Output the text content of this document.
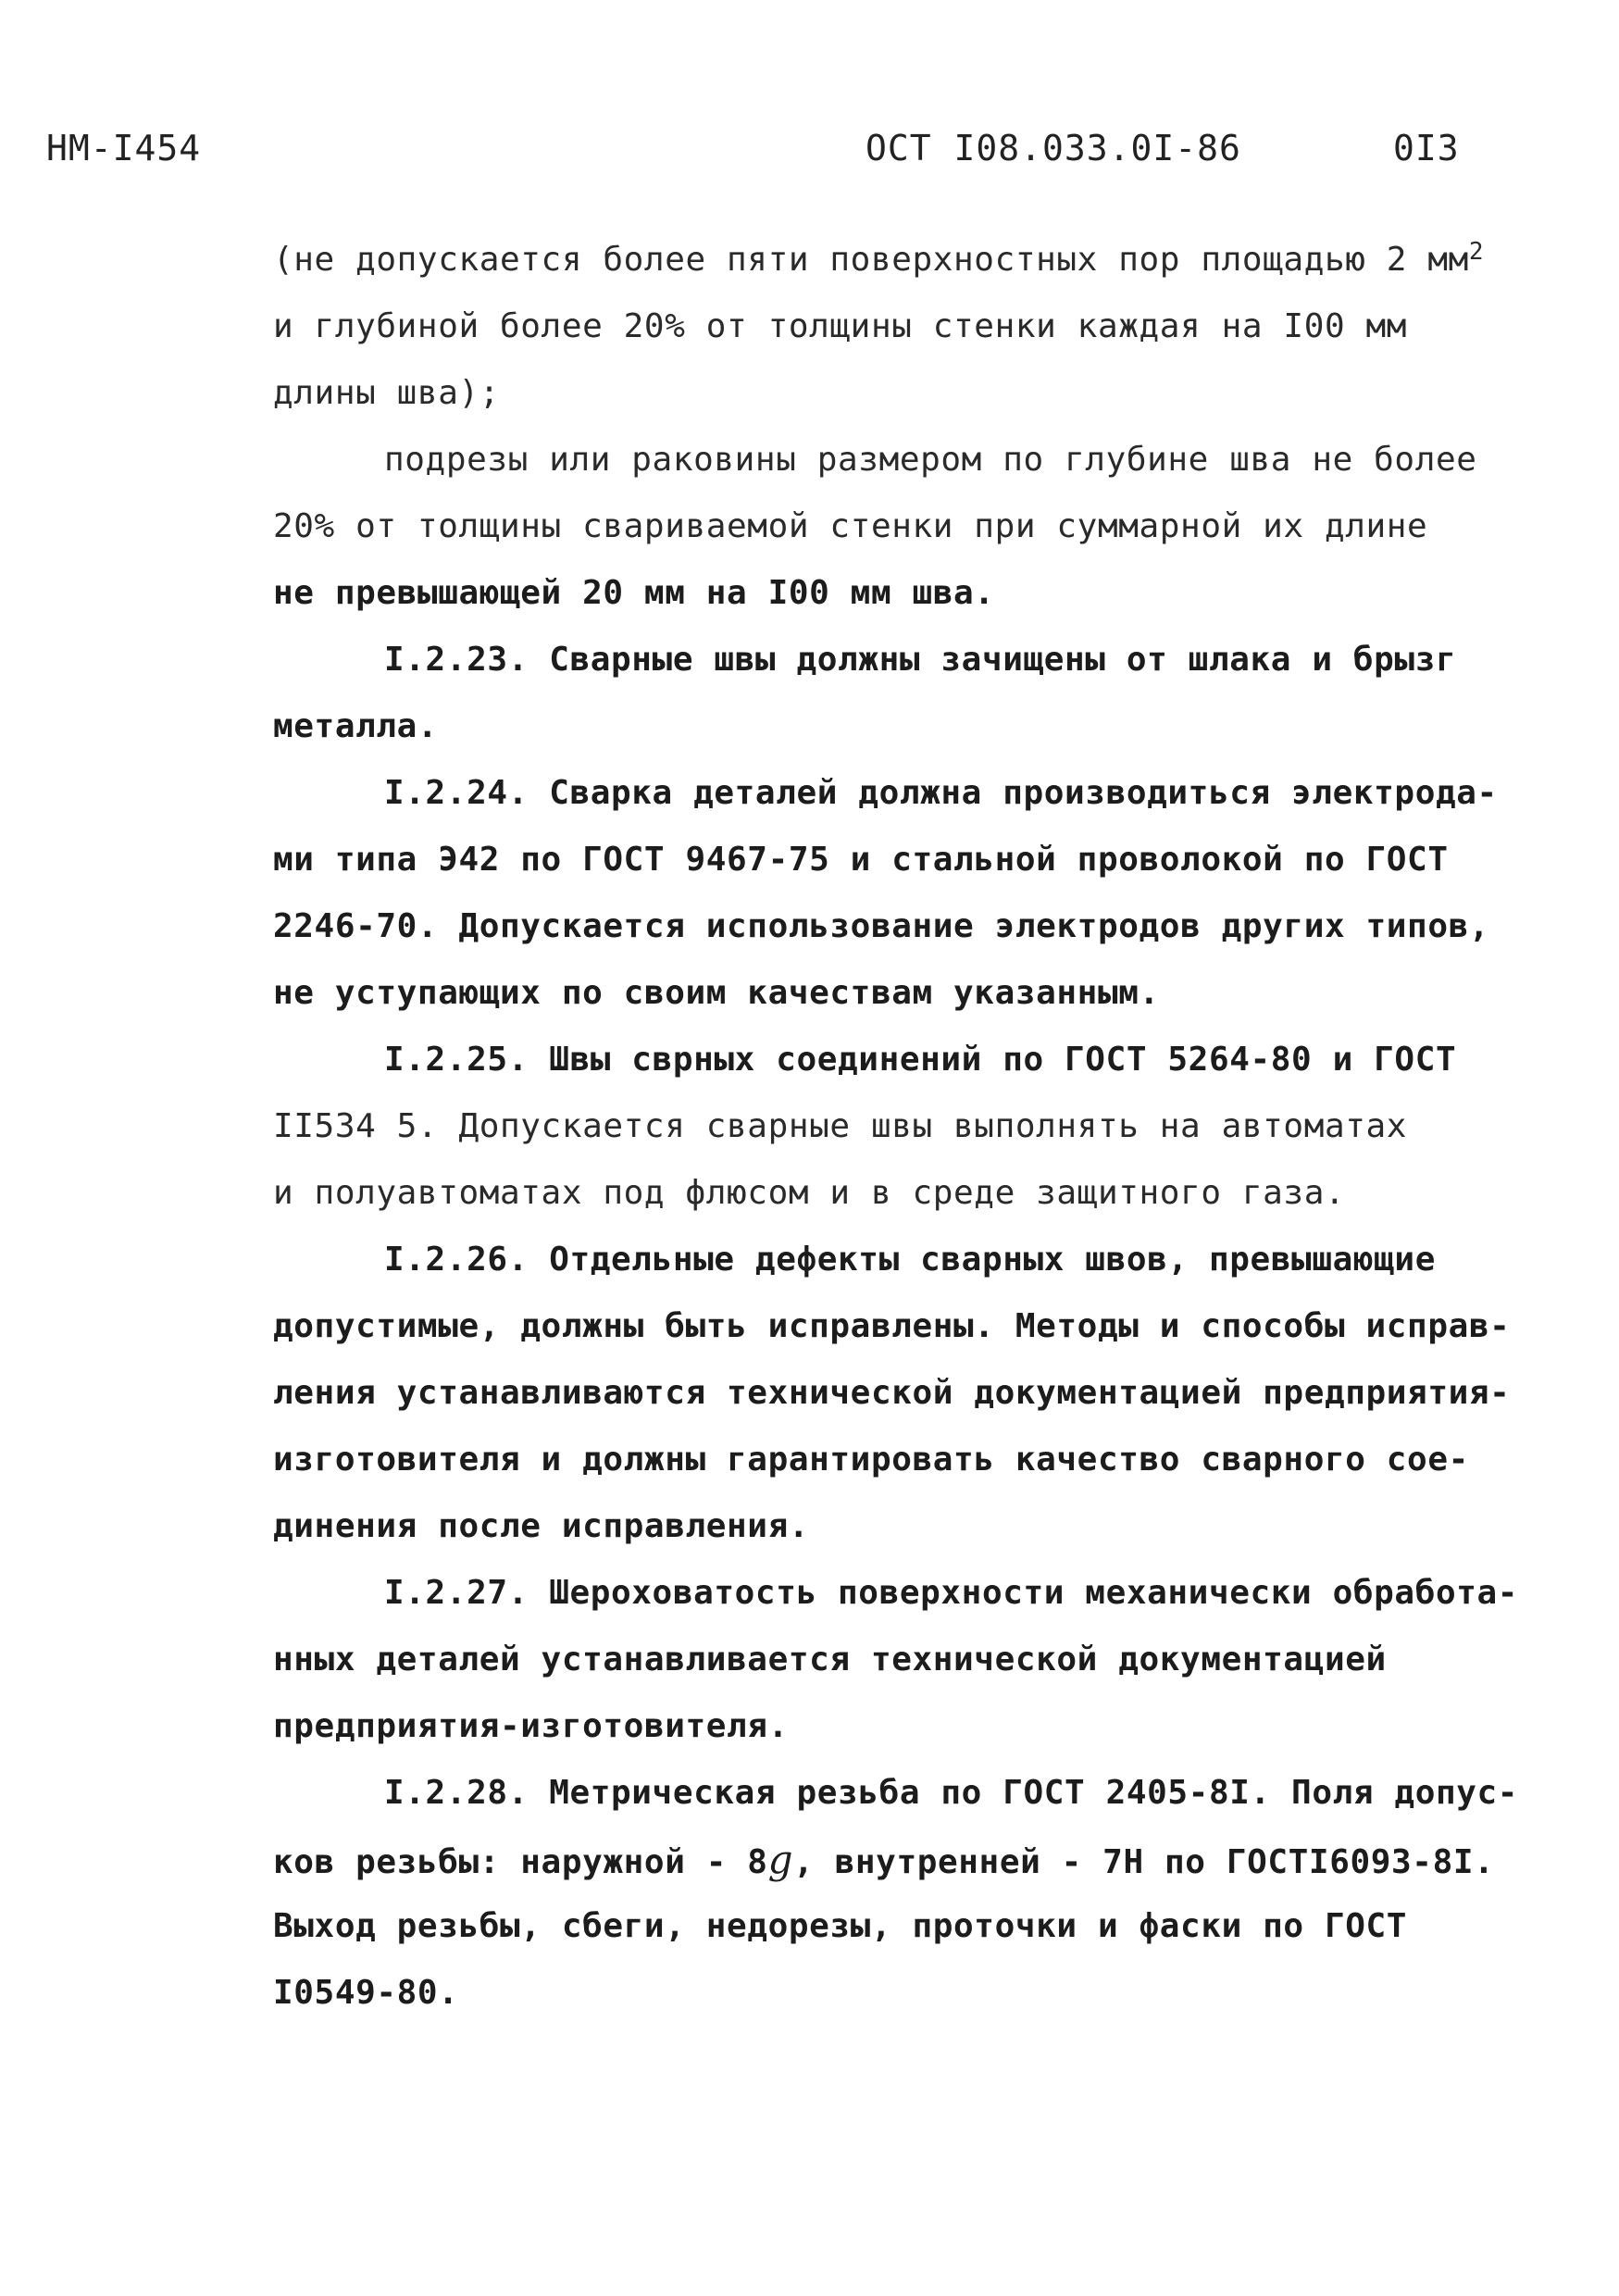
НМ-I454	ОСТ I08.033.0I-86	0I3
(не допускается более пяти поверхностных пор площадью 2 $мм^2$
и глубиной более 20% от толщины стенки каждая на I00 мм
длины шва);
подрезы или раковины размером по глубине шва не более
20% от толщины свариваемой стенки при суммарной их длине
не превышающей 20 мм на I00 мм шва.
I.2.23. Сварные швы должны зачищены от шлака и брызг
металла.
I.2.24. Сварка деталей должна производиться электрода-
ми типа Э42 по ГОСТ 9467-75 и стальной проволокой по ГОСТ
2246-70. Допускается использование электродов других типов,
не уступающих по своим качествам указанным.
I.2.25. Швы сврных соединений по ГОСТ 5264-80 и ГОСТ
II534 5. Допускается сварные швы выполнять на автоматах
и полуавтоматах под флюсом и в среде защитного газа.
I.2.26. Отдельные дефекты сварных швов, превышающие
допустимые, должны быть исправлены. Методы и способы исправ-
ления устанавливаются технической документацией предприятия-
изготовителя и должны гарантировать качество сварного сое-
динения после исправления.
I.2.27. Шероховатость поверхности механически обработа-
нных деталей устанавливается технической документацией
предприятия-изготовителя.
I.2.28. Метрическая резьба по ГОСТ 2405-8I. Поля допус-
ков резьбы: наружной - 8g, внутренней - 7Н по ГОСТI6093-8I.
Выход резьбы, сбеги, недорезы, проточки и фаски по ГОСТ
I0549-80.
